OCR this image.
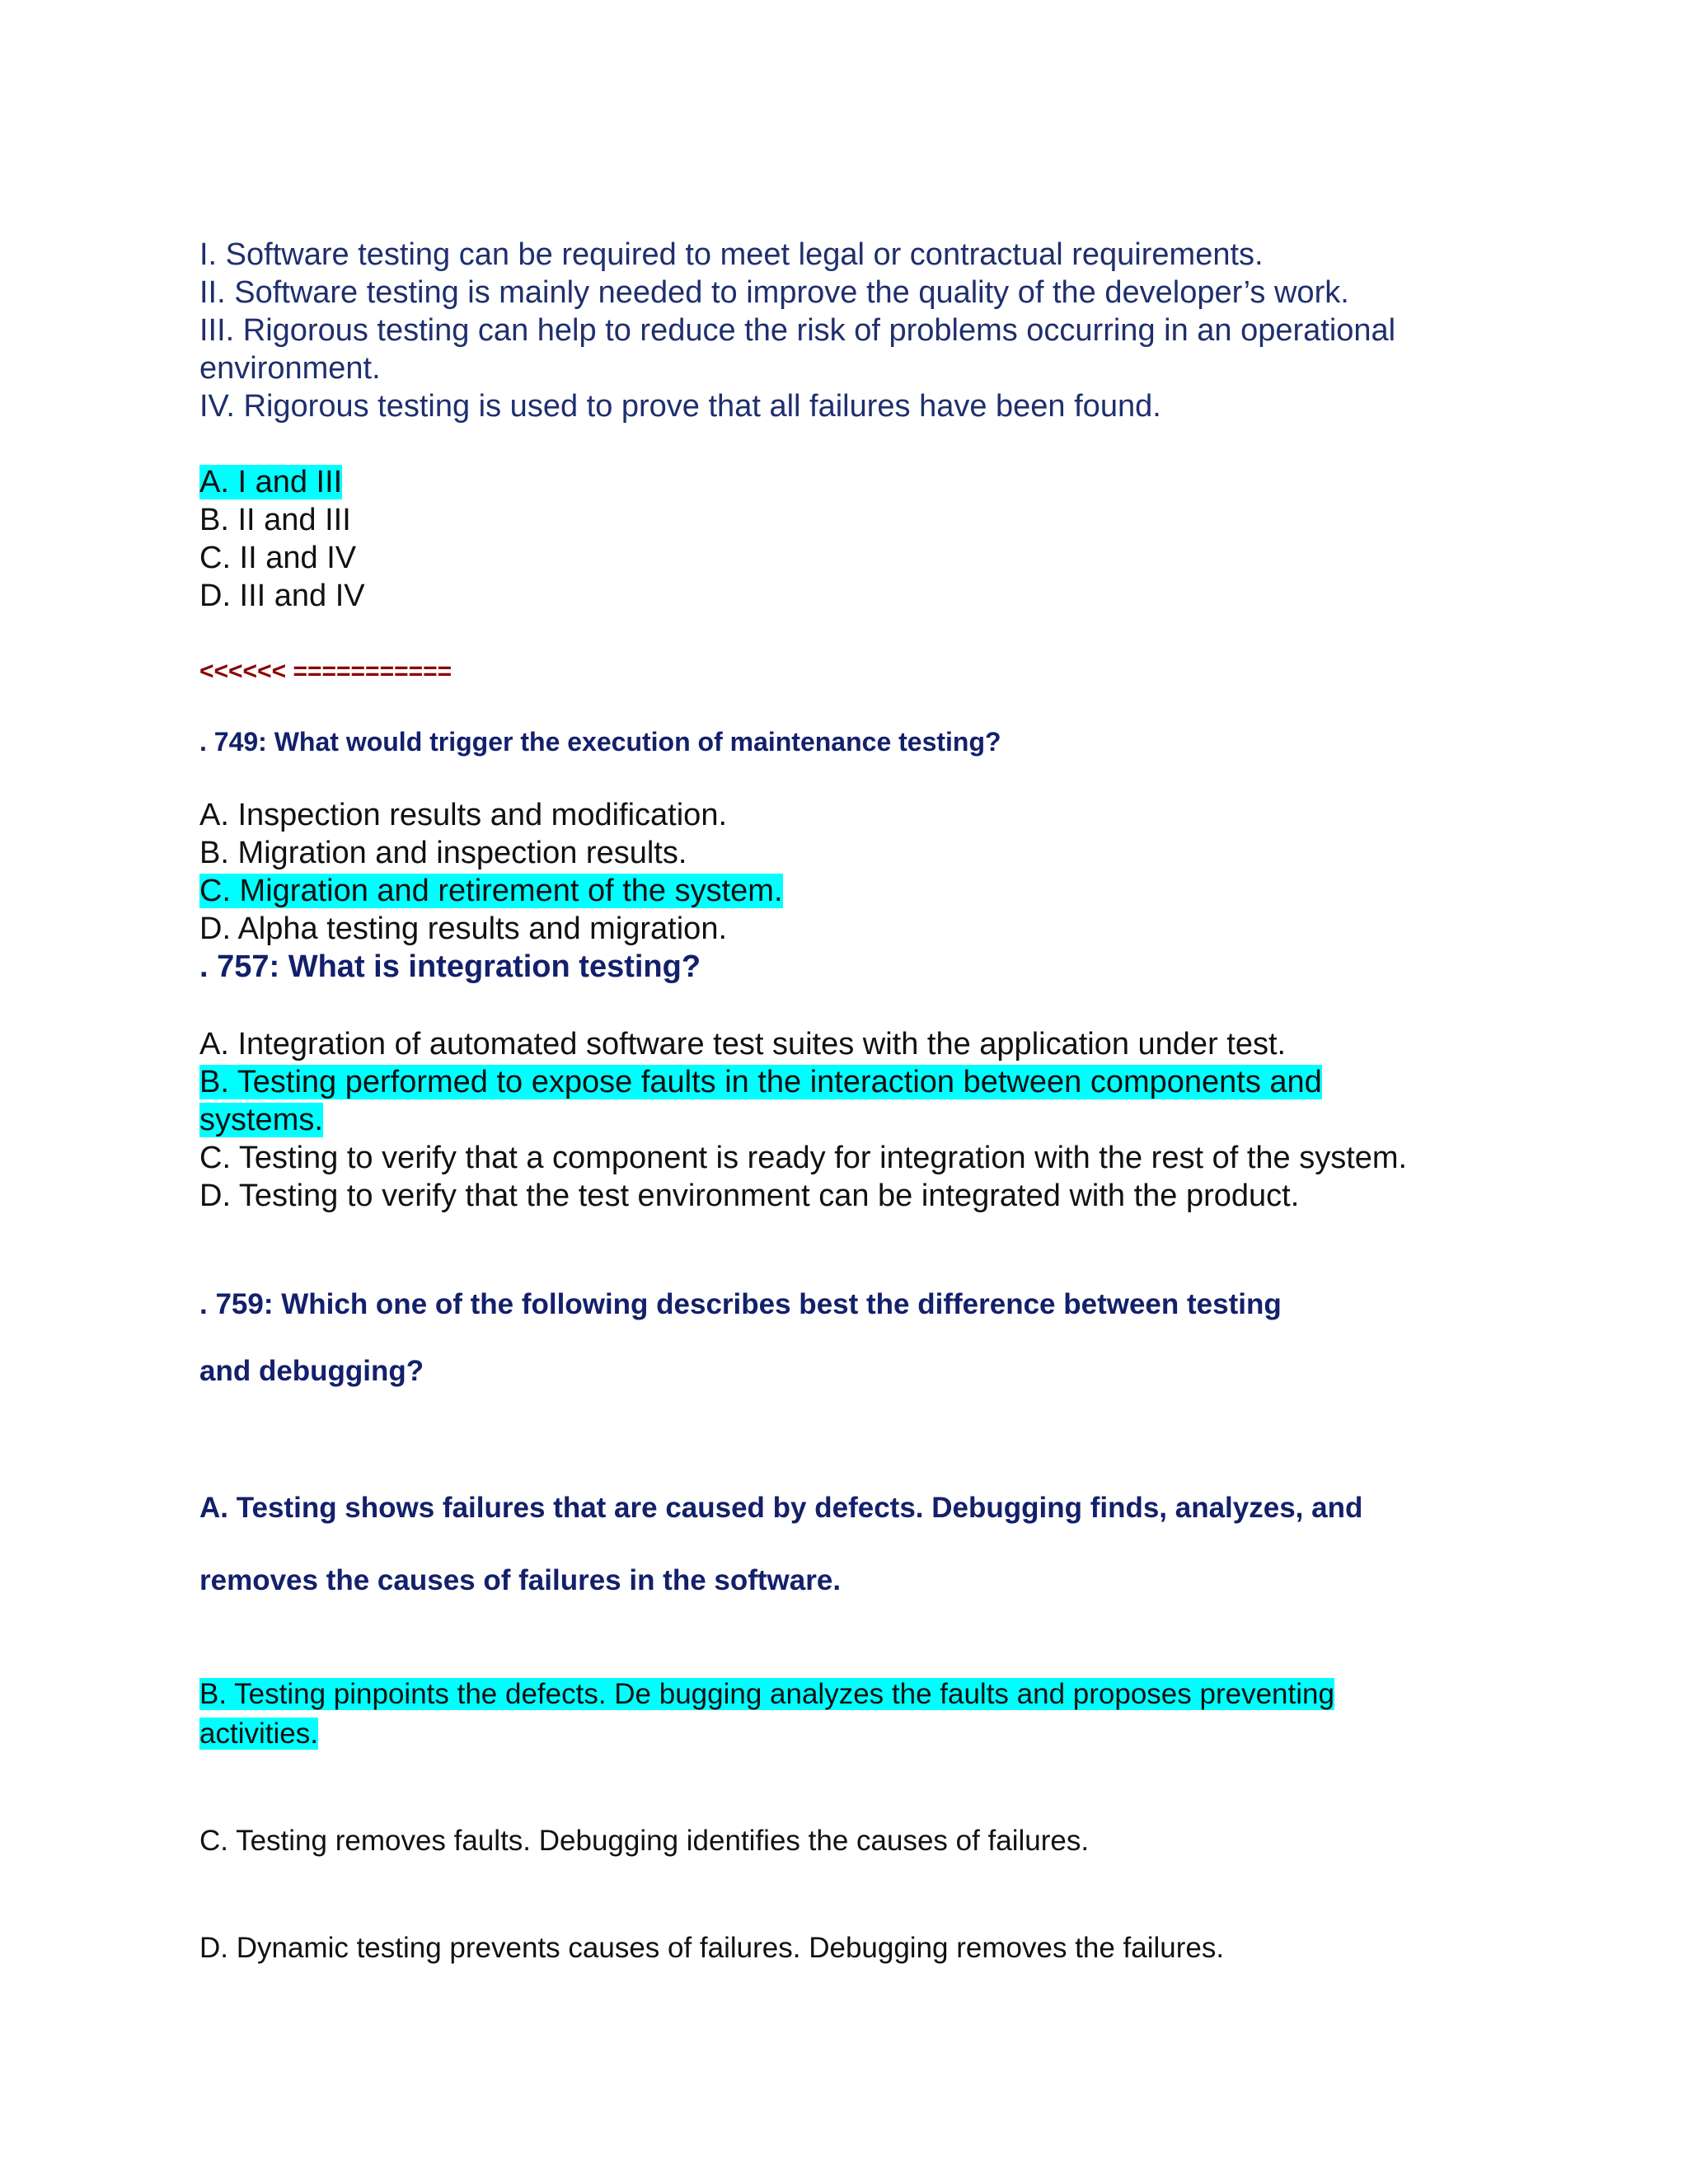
I. Software testing can be required to meet legal or contractual requirements.
II. Software testing is mainly needed to improve the quality of the developer’s work.
III. Rigorous testing can help to reduce the risk of problems occurring in an operational
environment.
IV. Rigorous testing is used to prove that all failures have been found.
A. I and III
B. II and III
C. II and IV
D. III and IV
<<<<<< ===========
. 749: What would trigger the execution of maintenance testing?
A. Inspection results and modification.
B. Migration and inspection results.
C. Migration and retirement of the system.
D. Alpha testing results and migration.
. 757: What is integration testing?
A. Integration of automated software test suites with the application under test.
B. Testing performed to expose faults in the interaction between components and
systems.
C. Testing to verify that a component is ready for integration with the rest of the system.
D. Testing to verify that the test environment can be integrated with the product.
. 759: Which one of the following describes best the difference between testing
and debugging?
A. Testing shows failures that are caused by defects. Debugging finds, analyzes, and
removes the causes of failures in the software.
B. Testing pinpoints the defects. De bugging analyzes the faults and proposes preventing
activities.
C. Testing removes faults. Debugging identifies the causes of failures.
D. Dynamic testing prevents causes of failures. Debugging removes the failures.
